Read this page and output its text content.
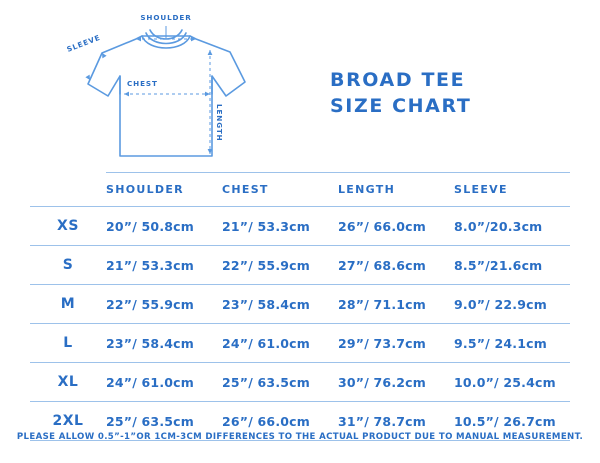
SHOULDER
SLEEVE
CHEST
LENGTH
BROAD TEE
SIZE CHART
	SHOULDER	CHEST	LENGTH	SLEEVE
XS	20”/ 50.8cm	21”/ 53.3cm	26”/ 66.0cm	8.0”/20.3cm
S	21”/ 53.3cm	22”/ 55.9cm	27”/ 68.6cm	8.5”/21.6cm
M	22”/ 55.9cm	23”/ 58.4cm	28”/ 71.1cm	9.0”/ 22.9cm
L	23”/ 58.4cm	24”/ 61.0cm	29”/ 73.7cm	9.5”/ 24.1cm
XL	24”/ 61.0cm	25”/ 63.5cm	30”/ 76.2cm	10.0”/ 25.4cm
2XL	25”/ 63.5cm	26”/ 66.0cm	31”/ 78.7cm	10.5”/ 26.7cm
PLEASE ALLOW 0.5”-1”OR 1CM-3CM DIFFERENCES TO THE ACTUAL PRODUCT DUE TO MANUAL MEASUREMENT.
